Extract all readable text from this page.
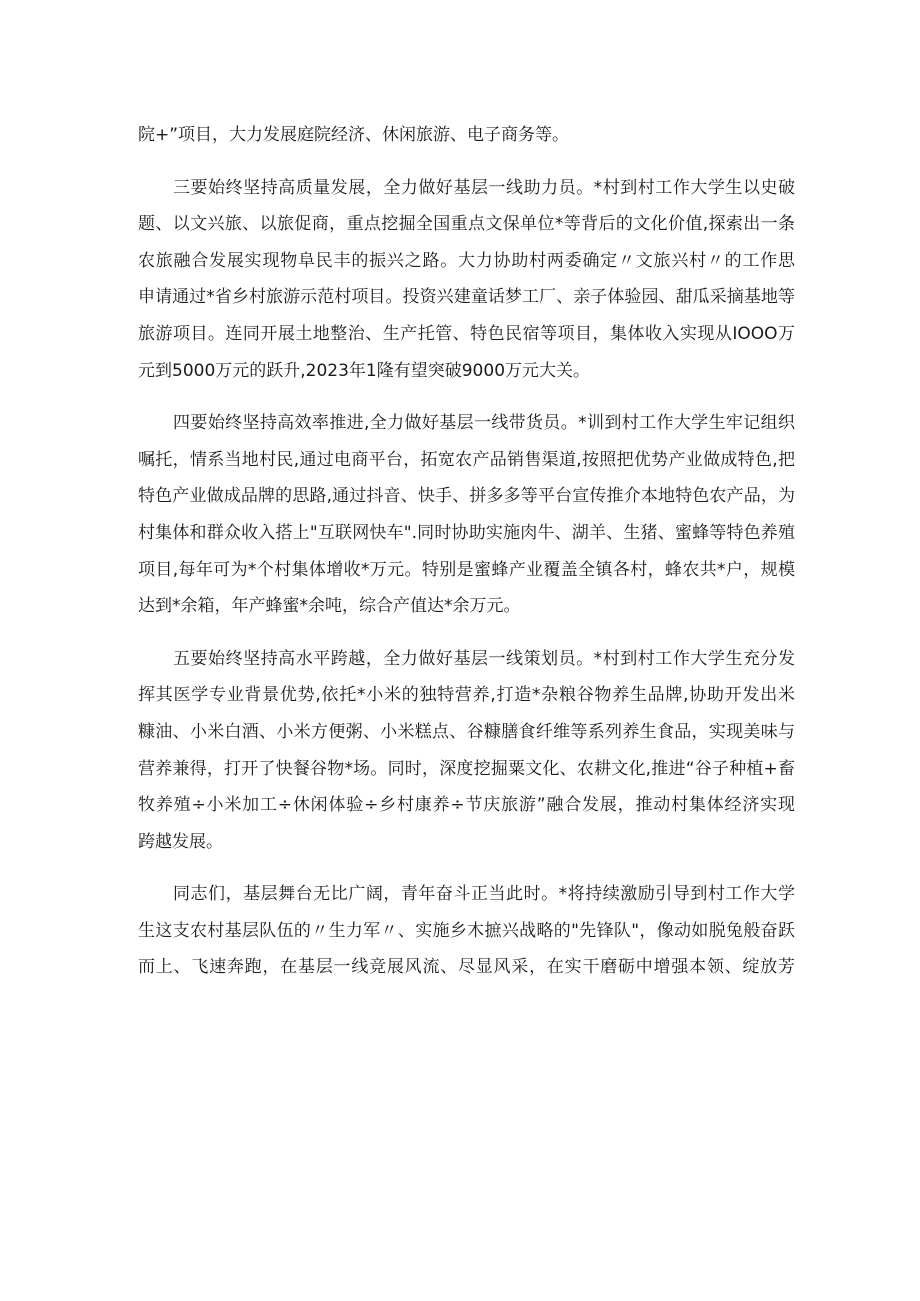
院+”项目，大力发展庭院经济、休闲旅游、电子商务等。
三要始终坚持高质量发展，全力做好基层一线助力员。*村到村工作大学生以史破
题、以文兴旅、以旅促商，重点挖掘全国重点文保单位*等背后的文化价值,探索出一条
农旅融合发展实现物阜民丰的振兴之路。大力协助村两委确定〃文旅兴村〃的工作思
申请通过*省乡村旅游示范村项目。投资兴建童话梦工厂、亲子体验园、甜瓜采摘基地等
旅游项目。连同开展土地整治、生产托管、特色民宿等项目，集体收入实现从IOOO万
元到5000万元的跃升,2023年1隆有望突破9000万元大关。
四要始终坚持高效率推进,全力做好基层一线带货员。*训到村工作大学生牢记组织
嘱托，情系当地村民,通过电商平台，拓宽农产品销售渠道,按照把优势产业做成特色,把
特色产业做成品牌的思路,通过抖音、快手、拼多多等平台宣传推介本地特色农产品，为
村集体和群众收入搭上"互联网快车".同时协助实施肉牛、湖羊、生猪、蜜蜂等特色养殖
项目,每年可为*个村集体增收*万元。特别是蜜蜂产业覆盖全镇各村，蜂农共*户，规模
达到*余箱，年产蜂蜜*余吨，综合产值达*余万元。
五要始终坚持高水平跨越，全力做好基层一线策划员。*村到村工作大学生充分发
挥其医学专业背景优势,依托*小米的独特营养,打造*杂粮谷物养生品牌,协助开发出米
糠油、小米白酒、小米方便粥、小米糕点、谷糠膳食纤维等系列养生食品，实现美味与
营养兼得，打开了快餐谷物*场。同时，深度挖掘粟文化、农耕文化,推进“谷子种植+畜
牧养殖÷小米加工÷休闲体验÷乡村康养÷节庆旅游”融合发展，推动村集体经济实现
跨越发展。
同志们，基层舞台无比广阔，青年奋斗正当此时。*将持续激励引导到村工作大学
生这支农村基层队伍的〃生力军〃、实施乡木摭兴战略的"先锋队"，像动如脱兔般奋跃
而上、飞速奔跑，在基层一线竞展风流、尽显风采，在实干磨砺中增强本领、绽放芳
